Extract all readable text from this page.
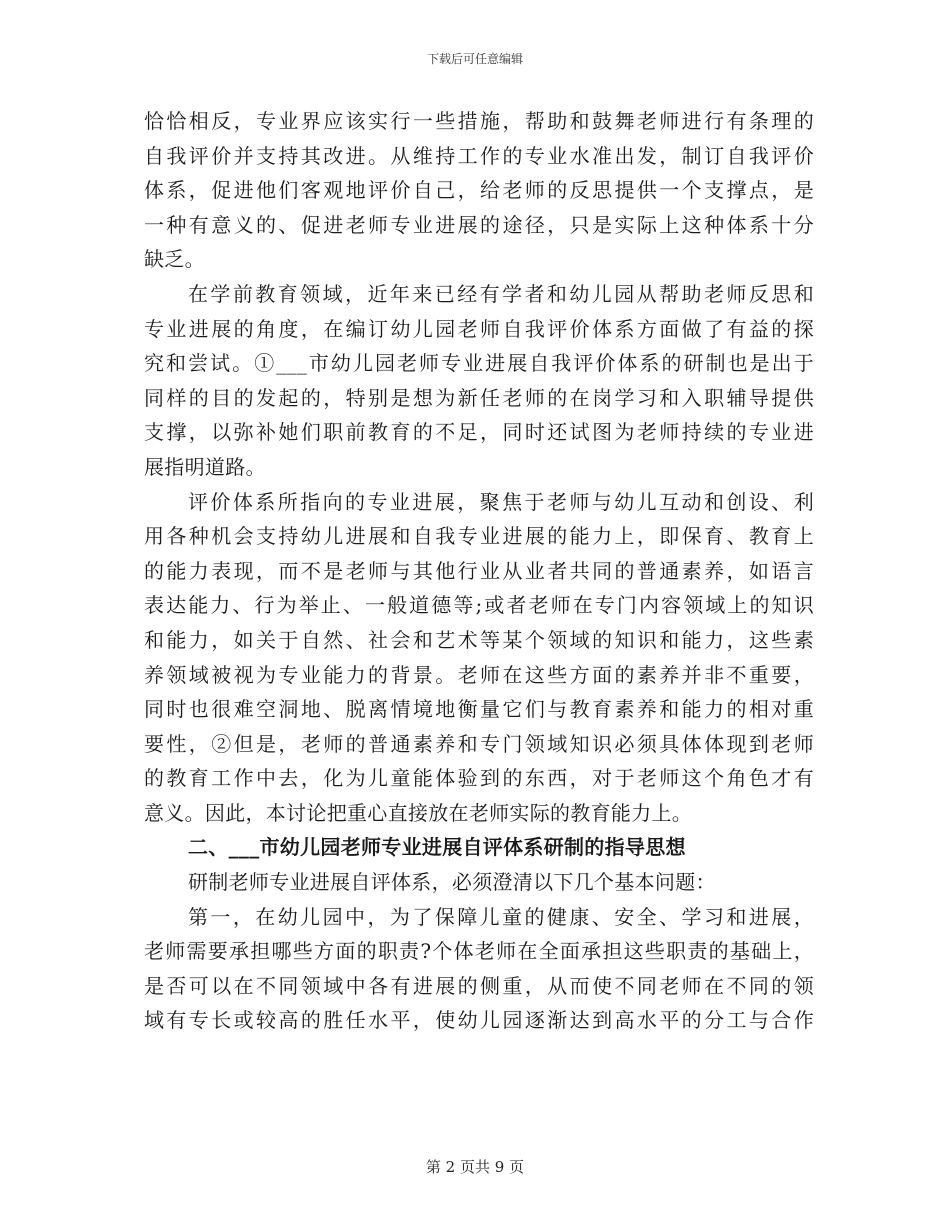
下载后可任意编辑
恰恰相反，专业界应该实行一些措施，帮助和鼓舞老师进行有条理的
自我评价并支持其改进。从维持工作的专业水准出发，制订自我评价
体系，促进他们客观地评价自己，给老师的反思提供一个支撑点，是
一种有意义的、促进老师专业进展的途径，只是实际上这种体系十分
缺乏。
在学前教育领域，近年来已经有学者和幼儿园从帮助老师反思和
专业进展的角度，在编订幼儿园老师自我评价体系方面做了有益的探
究和尝试。①___市幼儿园老师专业进展自我评价体系的研制也是出于
同样的目的发起的，特别是想为新任老师的在岗学习和入职辅导提供
支撑，以弥补她们职前教育的不足，同时还试图为老师持续的专业进
展指明道路。
评价体系所指向的专业进展，聚焦于老师与幼儿互动和创设、利
用各种机会支持幼儿进展和自我专业进展的能力上，即保育、教育上
的能力表现，而不是老师与其他行业从业者共同的普通素养，如语言
表达能力、行为举止、一般道德等;或者老师在专门内容领域上的知识
和能力，如关于自然、社会和艺术等某个领域的知识和能力，这些素
养领域被视为专业能力的背景。老师在这些方面的素养并非不重要，
同时也很难空洞地、脱离情境地衡量它们与教育素养和能力的相对重
要性，②但是，老师的普通素养和专门领域知识必须具体体现到老师
的教育工作中去，化为儿童能体验到的东西，对于老师这个角色才有
意义。因此，本讨论把重心直接放在老师实际的教育能力上。
二、___市幼儿园老师专业进展自评体系研制的指导思想
研制老师专业进展自评体系，必须澄清以下几个基本问题：
第一，在幼儿园中，为了保障儿童的健康、安全、学习和进展，
老师需要承担哪些方面的职责?个体老师在全面承担这些职责的基础上，
是否可以在不同领域中各有进展的侧重，从而使不同老师在不同的领
域有专长或较高的胜任水平，使幼儿园逐渐达到高水平的分工与合作
第 2 页共 9 页
